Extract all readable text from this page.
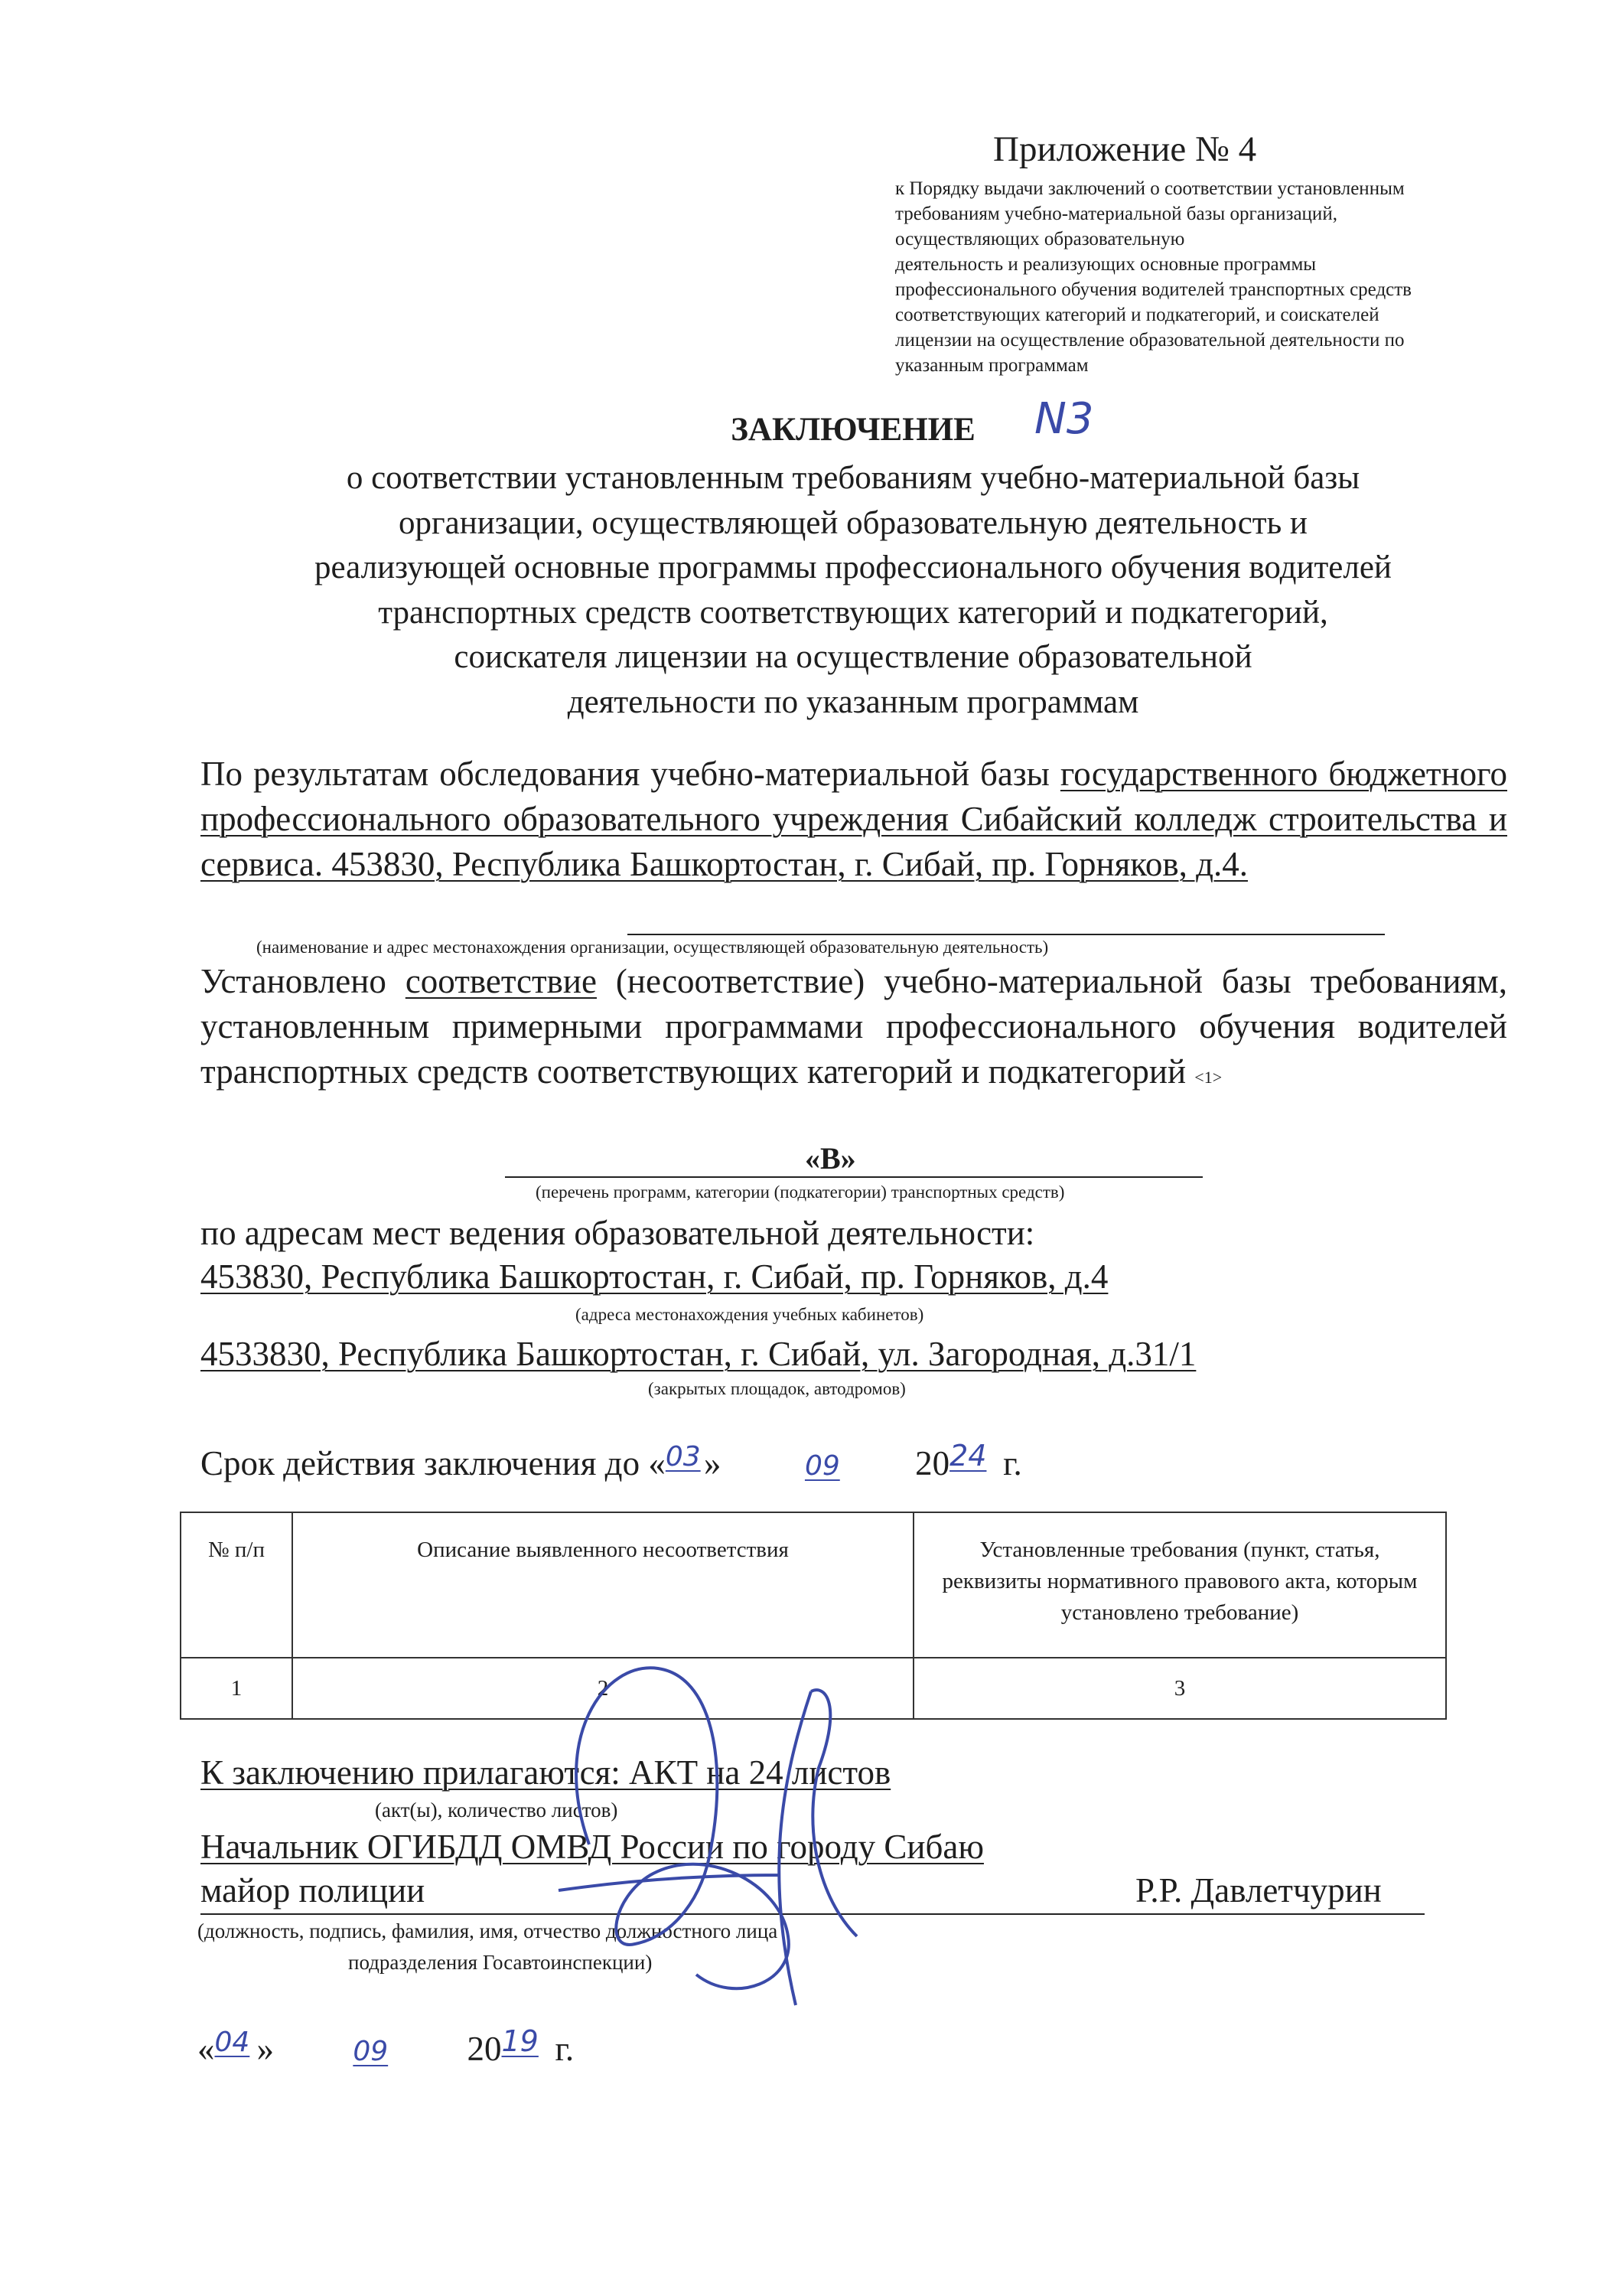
Приложение № 4
к Порядку выдачи заключений о соответствии установленным
требованиям учебно-материальной базы организаций,
осуществляющих образовательную
деятельность и реализующих основные программы
профессионального обучения водителей транспортных средств
соответствующих категорий и подкатегорий, и соискателей
лицензии на осуществление образовательной деятельности по
указанным программам
ЗАКЛЮЧЕНИЕ	N3
о соответствии установленным требованиям учебно-материальной базы
организации, осуществляющей образовательную деятельность и
реализующей основные программы профессионального обучения водителей
транспортных средств соответствующих категорий и подкатегорий,
соискателя лицензии на осуществление образовательной
деятельности по указанным программам
По результатам обследования учебно-материальной базы государственного бюджетного профессионального образовательного учреждения Сибайский колледж строительства и сервиса. 453830, Республика Башкортостан, г. Сибай, пр. Горняков, д.4.
(наименование и адрес местонахождения организации, осуществляющей образовательную деятельность)
Установлено соответствие (несоответствие) учебно-материальной базы требованиям, установленным примерными программами профессионального обучения водителей транспортных средств соответствующих категорий и подкатегорий <1>
«В»
(перечень программ, категории (подкатегории) транспортных средств)
по адресам мест ведения образовательной деятельности:
453830, Республика Башкортостан, г. Сибай, пр. Горняков, д.4
(адреса местонахождения учебных кабинетов)
4533830, Республика Башкортостан, г. Сибай, ул. Загородная, д.31/1
(закрытых площадок, автодромов)
Срок действия заключения до «03»  09 2024 г.
№ п/п	Описание выявленного несоответствия	Установленные требования (пункт, статья, реквизиты нормативного правового акта, которым установлено требование)
1	2	3
К заключению прилагаются: АКТ на 24 листов
(акт(ы), количество листов)
Начальник ОГИБДД ОМВД России по городу Сибаю
майор полиции	Р.Р. Давлетчурин
(должность, подпись, фамилия, имя, отчество должностного лица
подразделения Госавтоинспекции)
«04 »	09 2019 г.
